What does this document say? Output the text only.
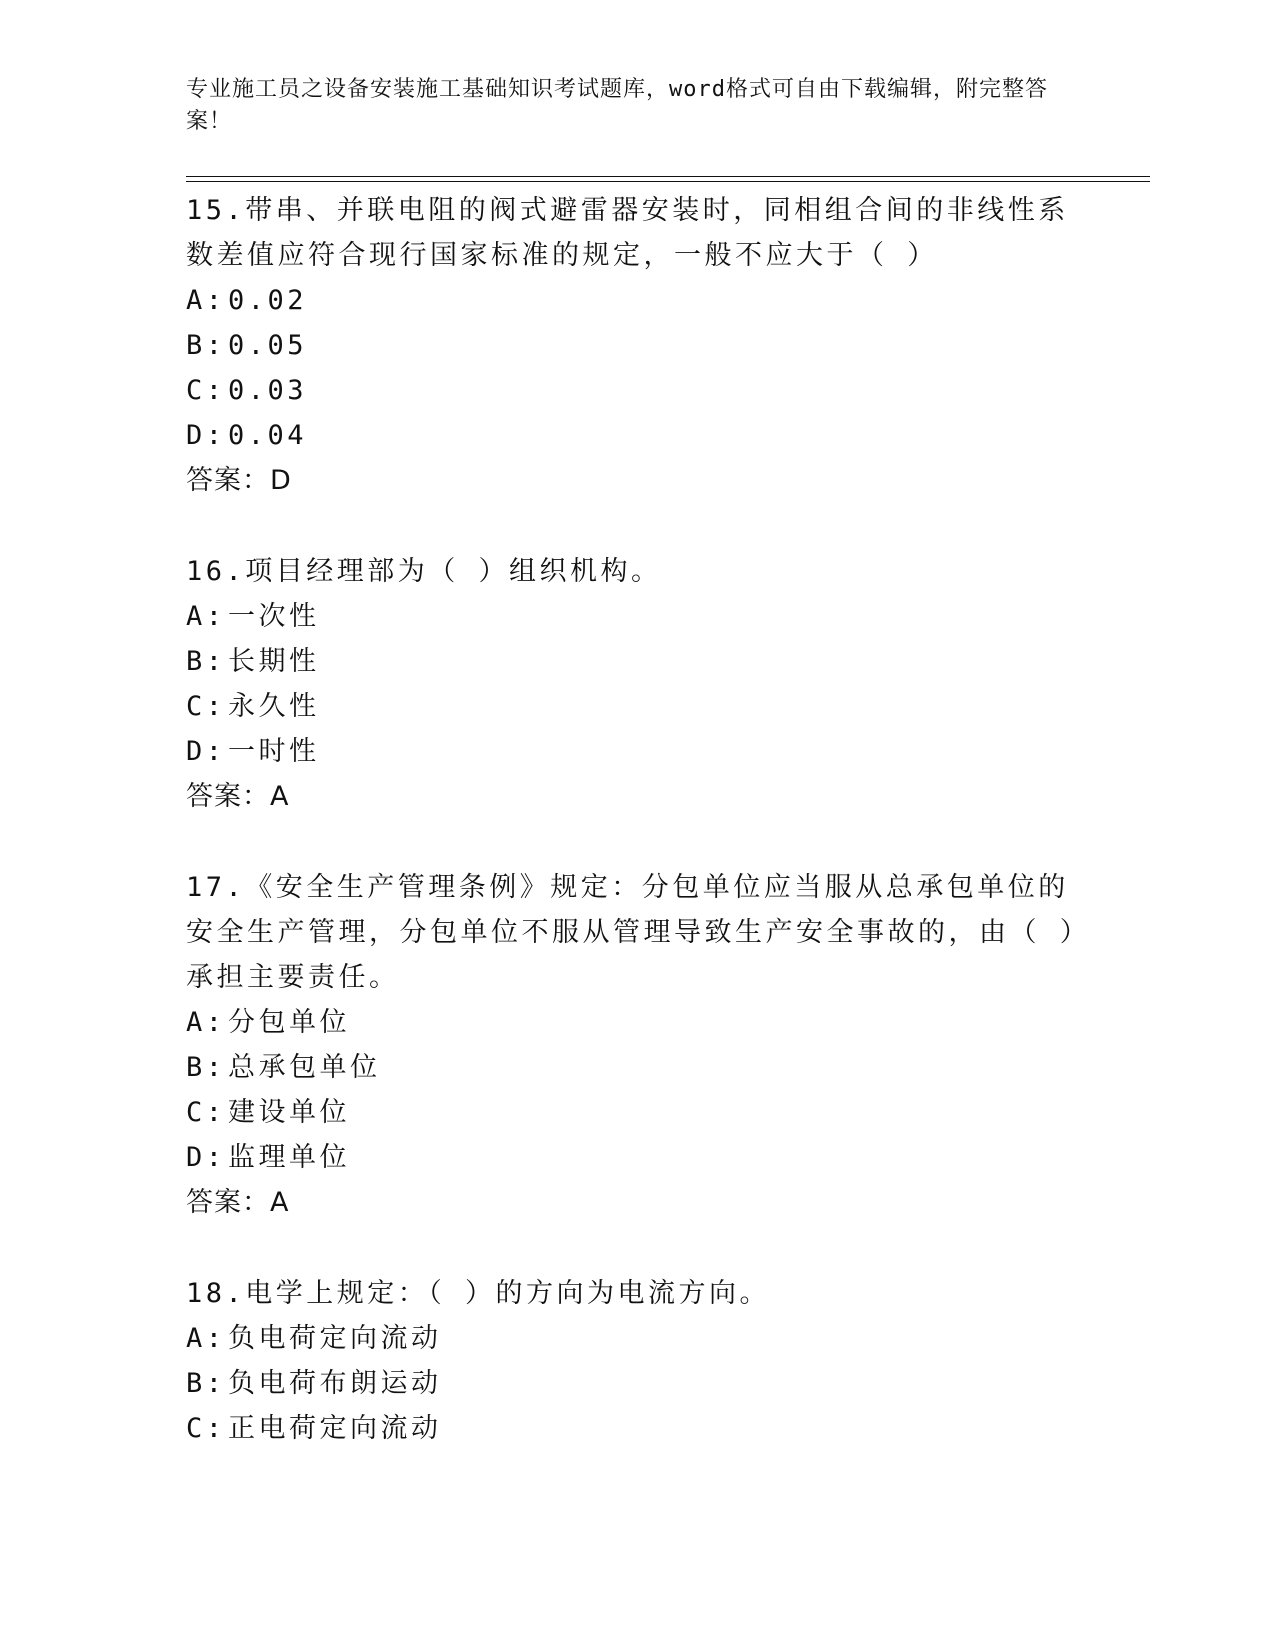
专业施工员之设备安装施工基础知识考试题库，word格式可自由下载编辑，附完整答案！
15.带串、并联电阻的阀式避雷器安装时，同相组合间的非线性系数差值应符合现行国家标准的规定，一般不应大于（ ）
A:0.02
B:0.05
C:0.03
D:0.04
答案：D
16.项目经理部为（ ）组织机构。
A:一次性
B:长期性
C:永久性
D:一时性
答案：A
17.《安全生产管理条例》规定：分包单位应当服从总承包单位的安全生产管理，分包单位不服从管理导致生产安全事故的，由（ ）承担主要责任。
A:分包单位
B:总承包单位
C:建设单位
D:监理单位
答案：A
18.电学上规定：（ ）的方向为电流方向。
A:负电荷定向流动
B:负电荷布朗运动
C:正电荷定向流动
